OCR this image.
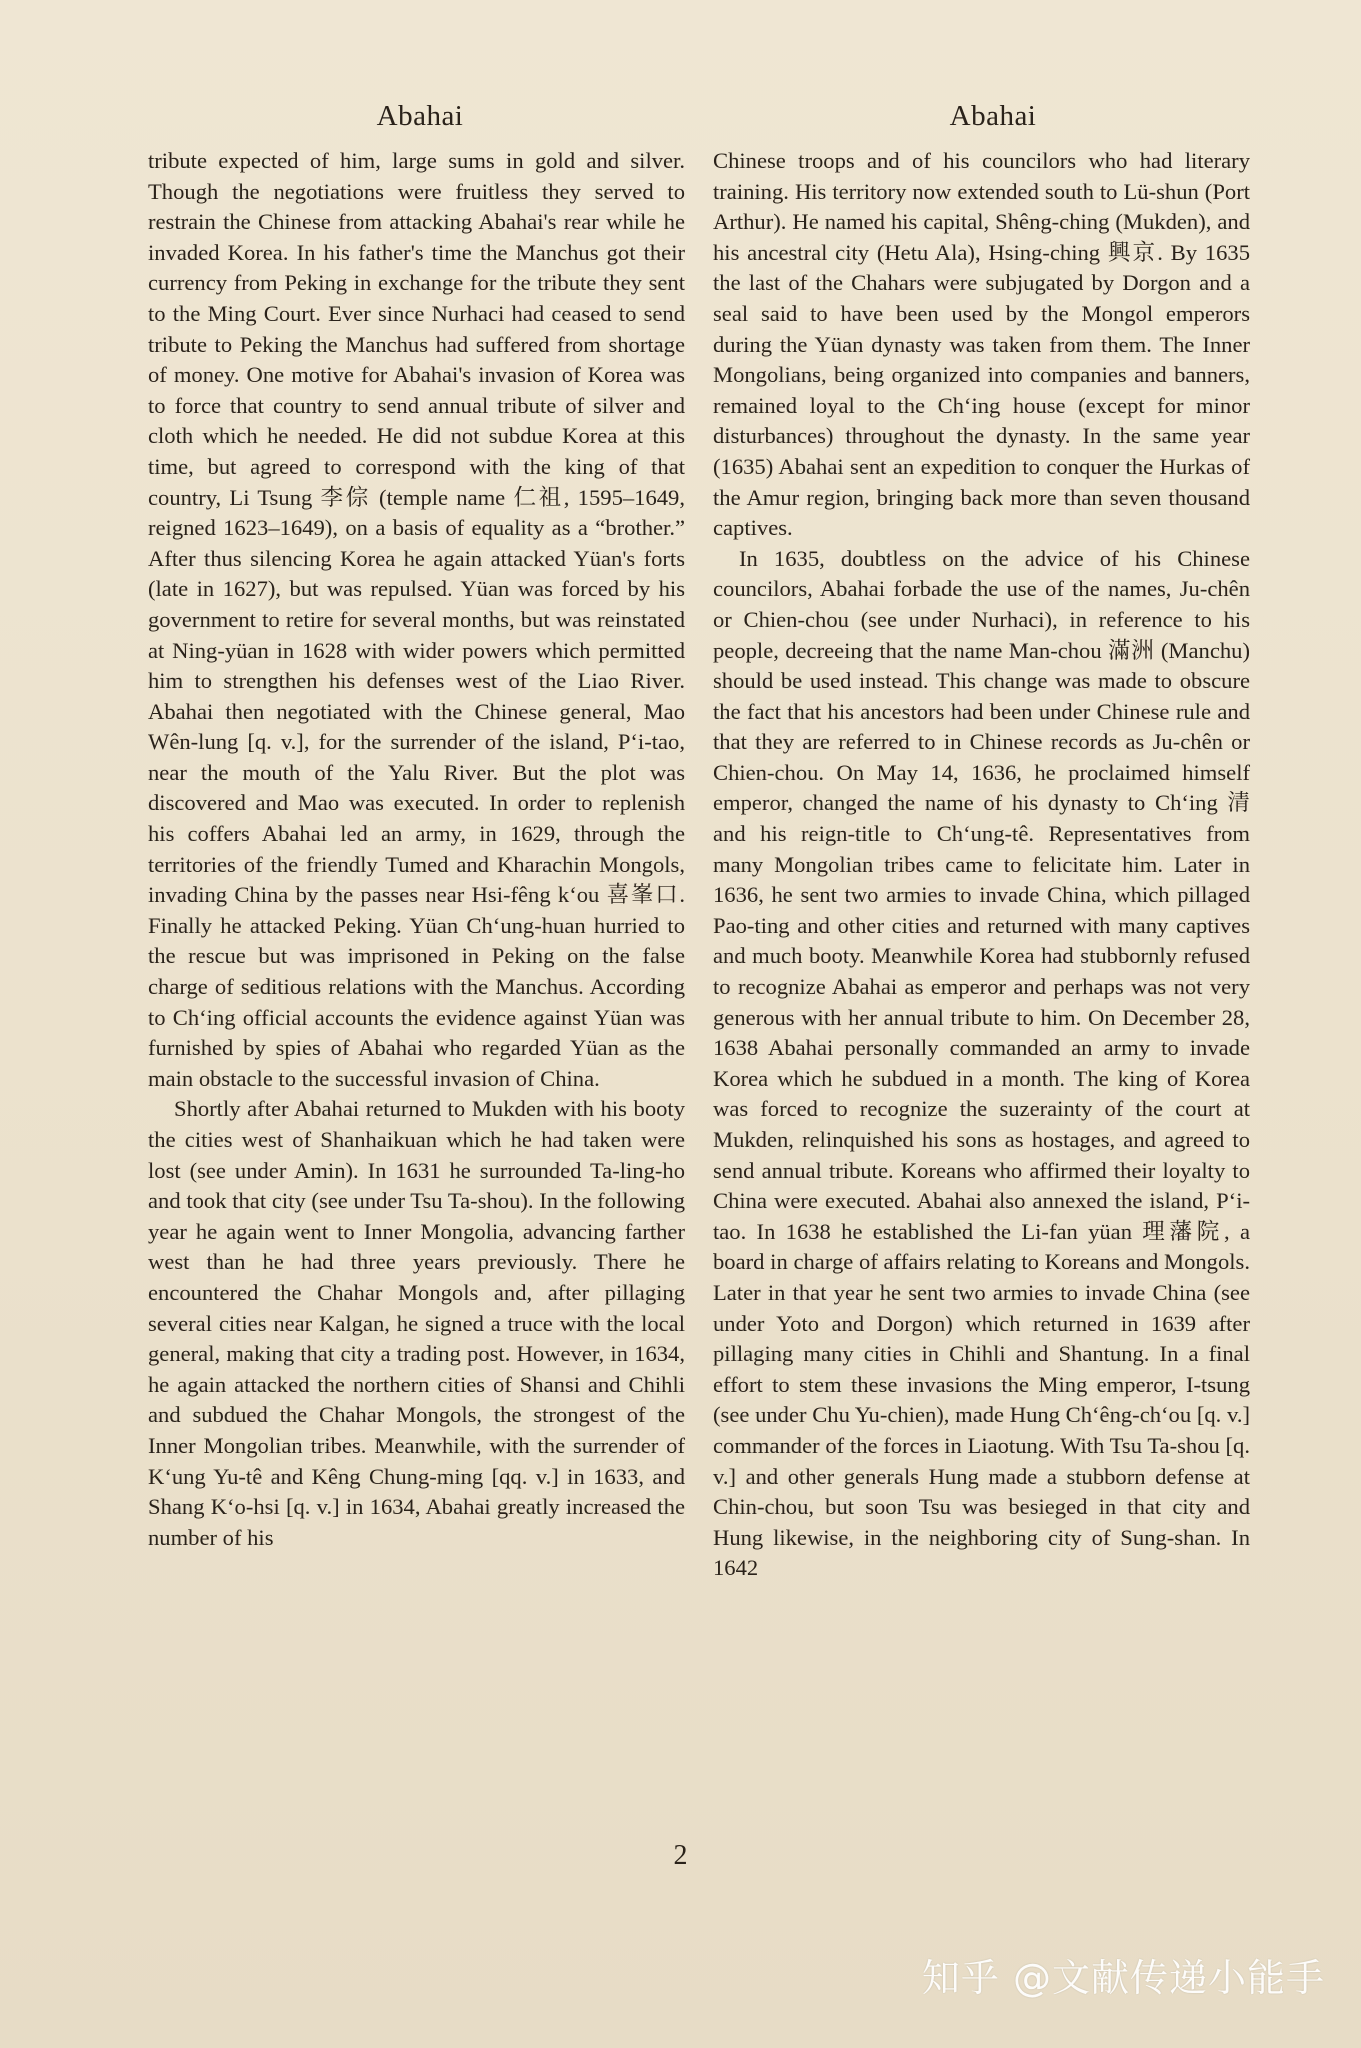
Abahai	Abahai

tribute expected of him, large sums in gold and silver. Though the negotiations were fruitless they served to restrain the Chinese from attacking Abahai's rear while he invaded Korea. In his father's time the Manchus got their currency from Peking in exchange for the tribute they sent to the Ming Court. Ever since Nurhaci had ceased to send tribute to Peking the Manchus had suffered from shortage of money. One motive for Abahai's invasion of Korea was to force that country to send annual tribute of silver and cloth which he needed. He did not subdue Korea at this time, but agreed to correspond with the king of that country, Li Tsung 李倧 (temple name 仁祖, 1595–1649, reigned 1623–1649), on a basis of equality as a “brother.” After thus silencing Korea he again attacked Yüan's forts (late in 1627), but was repulsed. Yüan was forced by his government to retire for several months, but was reinstated at Ning-yüan in 1628 with wider powers which permitted him to strengthen his defenses west of the Liao River. Abahai then negotiated with the Chinese general, Mao Wên-lung [q. v.], for the surrender of the island, P‘i-tao, near the mouth of the Yalu River. But the plot was discovered and Mao was executed. In order to replenish his coffers Abahai led an army, in 1629, through the territories of the friendly Tumed and Kharachin Mongols, invading China by the passes near Hsi-fêng k‘ou 喜峯口. Finally he attacked Peking. Yüan Ch‘ung-huan hurried to the rescue but was imprisoned in Peking on the false charge of seditious relations with the Manchus. According to Ch‘ing official accounts the evidence against Yüan was furnished by spies of Abahai who regarded Yüan as the main obstacle to the successful invasion of China.

Shortly after Abahai returned to Mukden with his booty the cities west of Shanhaikuan which he had taken were lost (see under Amin). In 1631 he surrounded Ta-ling-ho and took that city (see under Tsu Ta-shou). In the following year he again went to Inner Mongolia, advancing farther west than he had three years previously. There he encountered the Chahar Mongols and, after pillaging several cities near Kalgan, he signed a truce with the local general, making that city a trading post. However, in 1634, he again attacked the northern cities of Shansi and Chihli and subdued the Chahar Mongols, the strongest of the Inner Mongolian tribes. Meanwhile, with the surrender of K‘ung Yu-tê and Kêng Chung-ming [qq. v.] in 1633, and Shang K‘o-hsi [q. v.] in 1634, Abahai greatly increased the number of his

Chinese troops and of his councilors who had literary training. His territory now extended south to Lü-shun (Port Arthur). He named his capital, Shêng-ching (Mukden), and his ancestral city (Hetu Ala), Hsing-ching 興京. By 1635 the last of the Chahars were subjugated by Dorgon and a seal said to have been used by the Mongol emperors during the Yüan dynasty was taken from them. The Inner Mongolians, being organized into companies and banners, remained loyal to the Ch‘ing house (except for minor disturbances) throughout the dynasty. In the same year (1635) Abahai sent an expedition to conquer the Hurkas of the Amur region, bringing back more than seven thousand captives.

In 1635, doubtless on the advice of his Chinese councilors, Abahai forbade the use of the names, Ju-chên or Chien-chou (see under Nurhaci), in reference to his people, decreeing that the name Man-chou 滿洲 (Manchu) should be used instead. This change was made to obscure the fact that his ancestors had been under Chinese rule and that they are referred to in Chinese records as Ju-chên or Chien-chou. On May 14, 1636, he proclaimed himself emperor, changed the name of his dynasty to Ch‘ing 清 and his reign-title to Ch‘ung-tê. Representatives from many Mongolian tribes came to felicitate him. Later in 1636, he sent two armies to invade China, which pillaged Pao-ting and other cities and returned with many captives and much booty. Meanwhile Korea had stubbornly refused to recognize Abahai as emperor and perhaps was not very generous with her annual tribute to him. On December 28, 1638 Abahai personally commanded an army to invade Korea which he subdued in a month. The king of Korea was forced to recognize the suzerainty of the court at Mukden, relinquished his sons as hostages, and agreed to send annual tribute. Koreans who affirmed their loyalty to China were executed. Abahai also annexed the island, P‘i-tao. In 1638 he established the Li-fan yüan 理藩院, a board in charge of affairs relating to Koreans and Mongols. Later in that year he sent two armies to invade China (see under Yoto and Dorgon) which returned in 1639 after pillaging many cities in Chihli and Shantung. In a final effort to stem these invasions the Ming emperor, I-tsung (see under Chu Yu-chien), made Hung Ch‘êng-ch‘ou [q. v.] commander of the forces in Liaotung. With Tsu Ta-shou [q. v.] and other generals Hung made a stubborn defense at Chin-chou, but soon Tsu was besieged in that city and Hung likewise, in the neighboring city of Sung-shan. In 1642

2
知乎 @文献传递小能手
